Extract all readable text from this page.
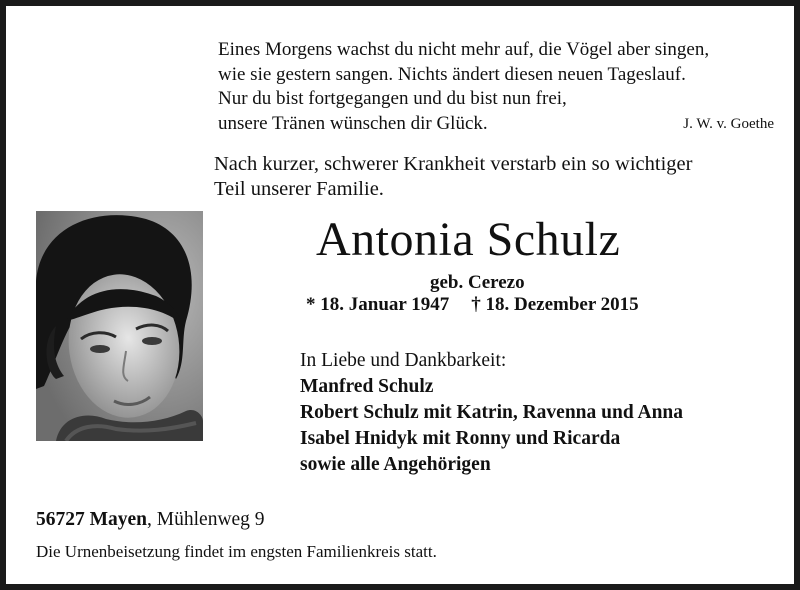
Eines Morgens wachst du nicht mehr auf, die Vögel aber singen,
wie sie gestern sangen. Nichts ändert diesen neuen Tageslauf.
Nur du bist fortgegangen und du bist nun frei,
unsere Tränen wünschen dir Glück.	J. W. v. Goethe
Nach kurzer, schwerer Krankheit verstarb ein so wichtiger
Teil unserer Familie.
Antonia Schulz
geb. Cerezo
* 18. Januar 1947 † 18. Dezember 2015
In Liebe und Dankbarkeit:
Manfred Schulz
Robert Schulz mit Katrin, Ravenna und Anna
Isabel Hnidyk mit Ronny und Ricarda
sowie alle Angehörigen
56727 Mayen, Mühlenweg 9
Die Urnenbeisetzung findet im engsten Familienkreis statt.
